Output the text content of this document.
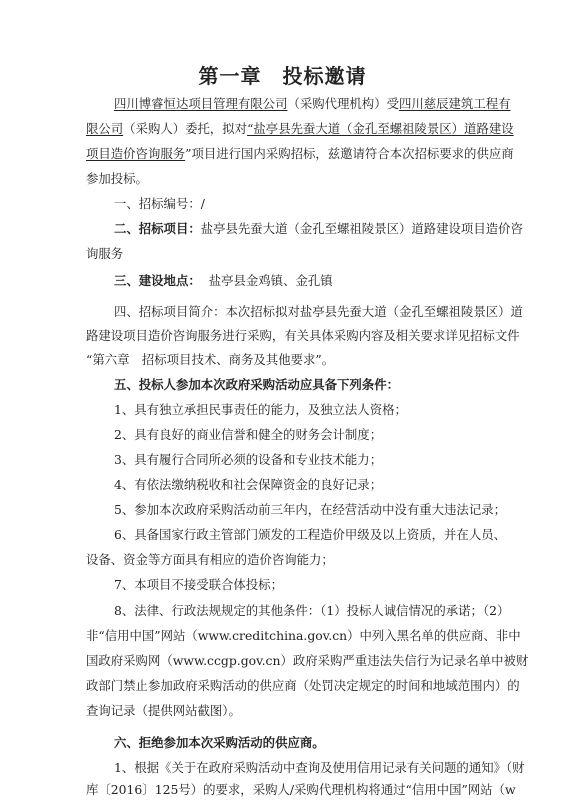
第一章　投标邀请
四川博睿恒达项目管理有限公司（采购代理机构）受四川慈辰建筑工程有
限公司（采购人）委托，拟对“盐亭县先蚕大道（金孔至螺祖陵景区）道路建设
项目造价咨询服务”项目进行国内采购招标，兹邀请符合本次招标要求的供应商
参加投标。
一、招标编号：/
二、招标项目：盐亭县先蚕大道（金孔至螺祖陵景区）道路建设项目造价咨
询服务
三、建设地点： 盐亭县金鸡镇、金孔镇
四、招标项目简介：本次招标拟对盐亭县先蚕大道（金孔至螺祖陵景区）道
路建设项目造价咨询服务进行采购，有关具体采购内容及相关要求详见招标文件
“第六章　招标项目技术、商务及其他要求”。
五、投标人参加本次政府采购活动应具备下列条件：
1、具有独立承担民事责任的能力，及独立法人资格；
2、具有良好的商业信誉和健全的财务会计制度；
3、具有履行合同所必须的设备和专业技术能力；
4、有依法缴纳税收和社会保障资金的良好记录；
5、参加本次政府采购活动前三年内，在经营活动中没有重大违法记录；
6、具备国家行政主管部门颁发的工程造价甲级及以上资质，并在人员、
设备、资金等方面具有相应的造价咨询能力；
7、本项目不接受联合体投标；
8、法律、行政法规规定的其他条件：（1）投标人诚信情况的承诺；（2）
非“信用中国”网站（www.creditchina.gov.cn）中列入黑名单的供应商、非中
国政府采购网（www.ccgp.gov.cn）政府采购严重违法失信行为记录名单中被财
政部门禁止参加政府采购活动的供应商（处罚决定规定的时间和地域范围内）的
查询记录（提供网站截图）。
六、拒绝参加本次采购活动的供应商。
1、根据《关于在政府采购活动中查询及使用信用记录有关问题的通知》（财
库〔2016〕125号）的要求，采购人/采购代理机构将通过“信用中国”网站（w
